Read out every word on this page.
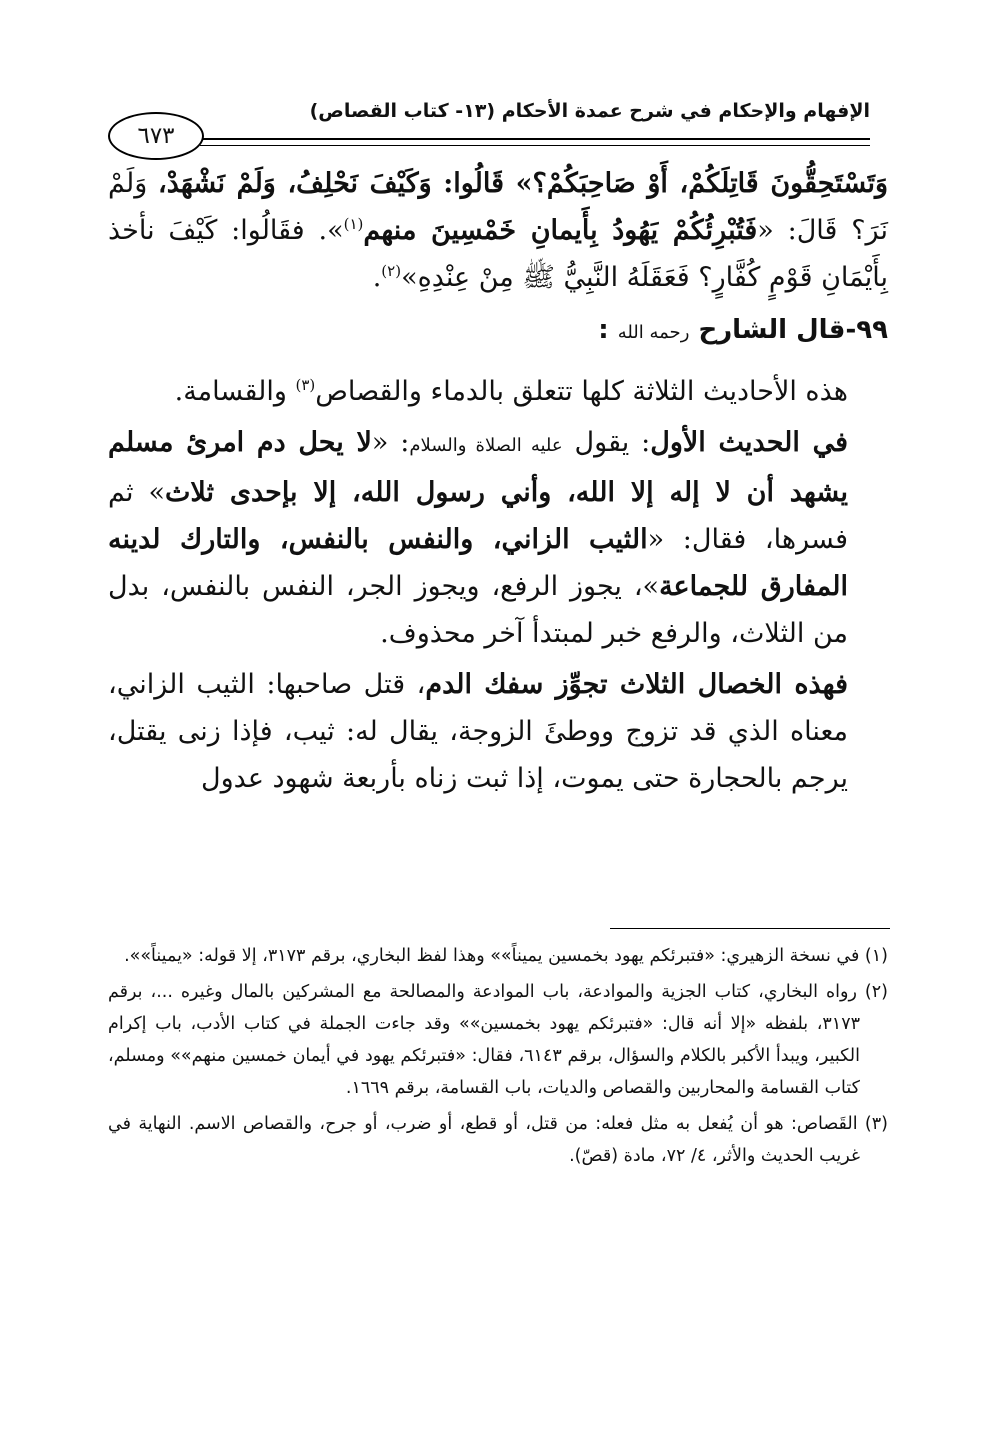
الإفهام والإحكام في شرح عمدة الأحكام (١٣- كتاب القصاص)
٦٧٣

وَتَسْتَحِقُّونَ قَاتِلَكُمْ، أَوْ صَاحِبَكُمْ؟» قَالُوا: وَكَيْفَ نَحْلِفُ، وَلَمْ نَشْهَدْ، وَلَمْ نَرَ؟ قَالَ: «فَتُبْرِئُكُمْ يَهُودُ بِأَيمانِ خَمْسِينَ منهم$^{(١)}$». فقَالُوا: كَيْفَ نأخذ بِأَيْمَانِ قَوْمٍ كُفَّارٍ؟ فَعَقَلَهُ النَّبِيُّ ﷺ مِنْ عِنْدِهِ»$^{(٢)}$.

٩٩-قال الشارح رحمه الله :

هذه الأحاديث الثلاثة كلها تتعلق بالدماء والقصاص$^{(٣)}$ والقسامة.

في الحديث الأول: يقول عليه الصلاة والسلام: «لا يحل دم امرئ مسلم يشهد أن لا إله إلا الله، وأني رسول الله، إلا بإحدى ثلاث» ثم فسرها، فقال: «الثيب الزاني، والنفس بالنفس، والتارك لدينه المفارق للجماعة»، يجوز الرفع، ويجوز الجر، النفس بالنفس، بدل من الثلاث، والرفع خبر لمبتدأ آخر محذوف.

فهذه الخصال الثلاث تجوِّز سفك الدم، قتل صاحبها: الثيب الزاني، معناه الذي قد تزوج ووطئَ الزوجة، يقال له: ثيب، فإذا زنى يقتل، يرجم بالحجارة حتى يموت، إذا ثبت زناه بأربعة شهود عدول

(١) في نسخة الزهيري: «فتبرئكم يهود بخمسين يميناً»» وهذا لفظ البخاري، برقم ٣١٧٣، إلا قوله: «يميناً»».

(٢) رواه البخاري، كتاب الجزية والموادعة، باب الموادعة والمصالحة مع المشركين بالمال وغيره ...، برقم ٣١٧٣، بلفظه «إلا أنه قال: «فتبرئكم يهود بخمسين»» وقد جاءت الجملة في كتاب الأدب، باب إكرام الكبير، ويبدأ الأكبر بالكلام والسؤال، برقم ٦١٤٣، فقال: «فتبرئكم يهود في أيمان خمسين منهم»» ومسلم، كتاب القسامة والمحاربين والقصاص والديات، باب القسامة، برقم ١٦٦٩.

(٣) القَصاص: هو أن يُفعل به مثل فعله: من قتل، أو قطع، أو ضرب، أو جرح، والقصاص الاسم. النهاية في غريب الحديث والأثر، ٤/ ٧٢، مادة (قصّ).
